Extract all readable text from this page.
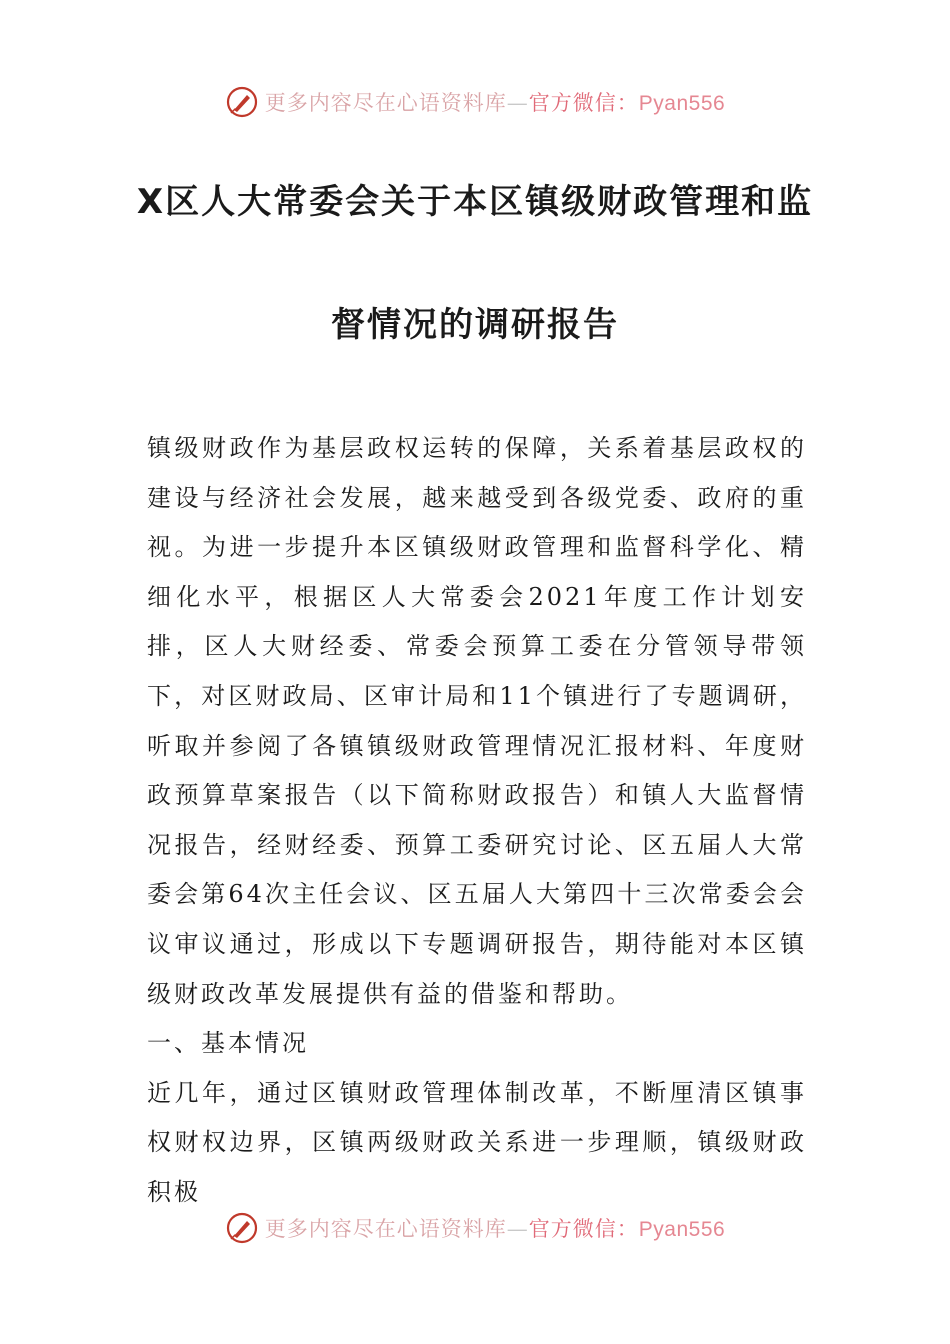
更多内容尽在心语资料库—官方微信：Pyan556
X区人大常委会关于本区镇级财政管理和监
督情况的调研报告

镇级财政作为基层政权运转的保障，关系着基层政权的建设与经济社会发展，越来越受到各级党委、政府的重视。为进一步提升本区镇级财政管理和监督科学化、精细化水平，根据区人大常委会2021年度工作计划安排，区人大财经委、常委会预算工委在分管领导带领下，对区财政局、区审计局和11个镇进行了专题调研，听取并参阅了各镇镇级财政管理情况汇报材料、年度财政预算草案报告（以下简称财政报告）和镇人大监督情况报告，经财经委、预算工委研究讨论、区五届人大常委会第64次主任会议、区五届人大第四十三次常委会会议审议通过，形成以下专题调研报告，期待能对本区镇级财政改革发展提供有益的借鉴和帮助。

一、基本情况

近几年，通过区镇财政管理体制改革，不断厘清区镇事权财权边界，区镇两级财政关系进一步理顺，镇级财政积极

更多内容尽在心语资料库—官方微信：Pyan556
